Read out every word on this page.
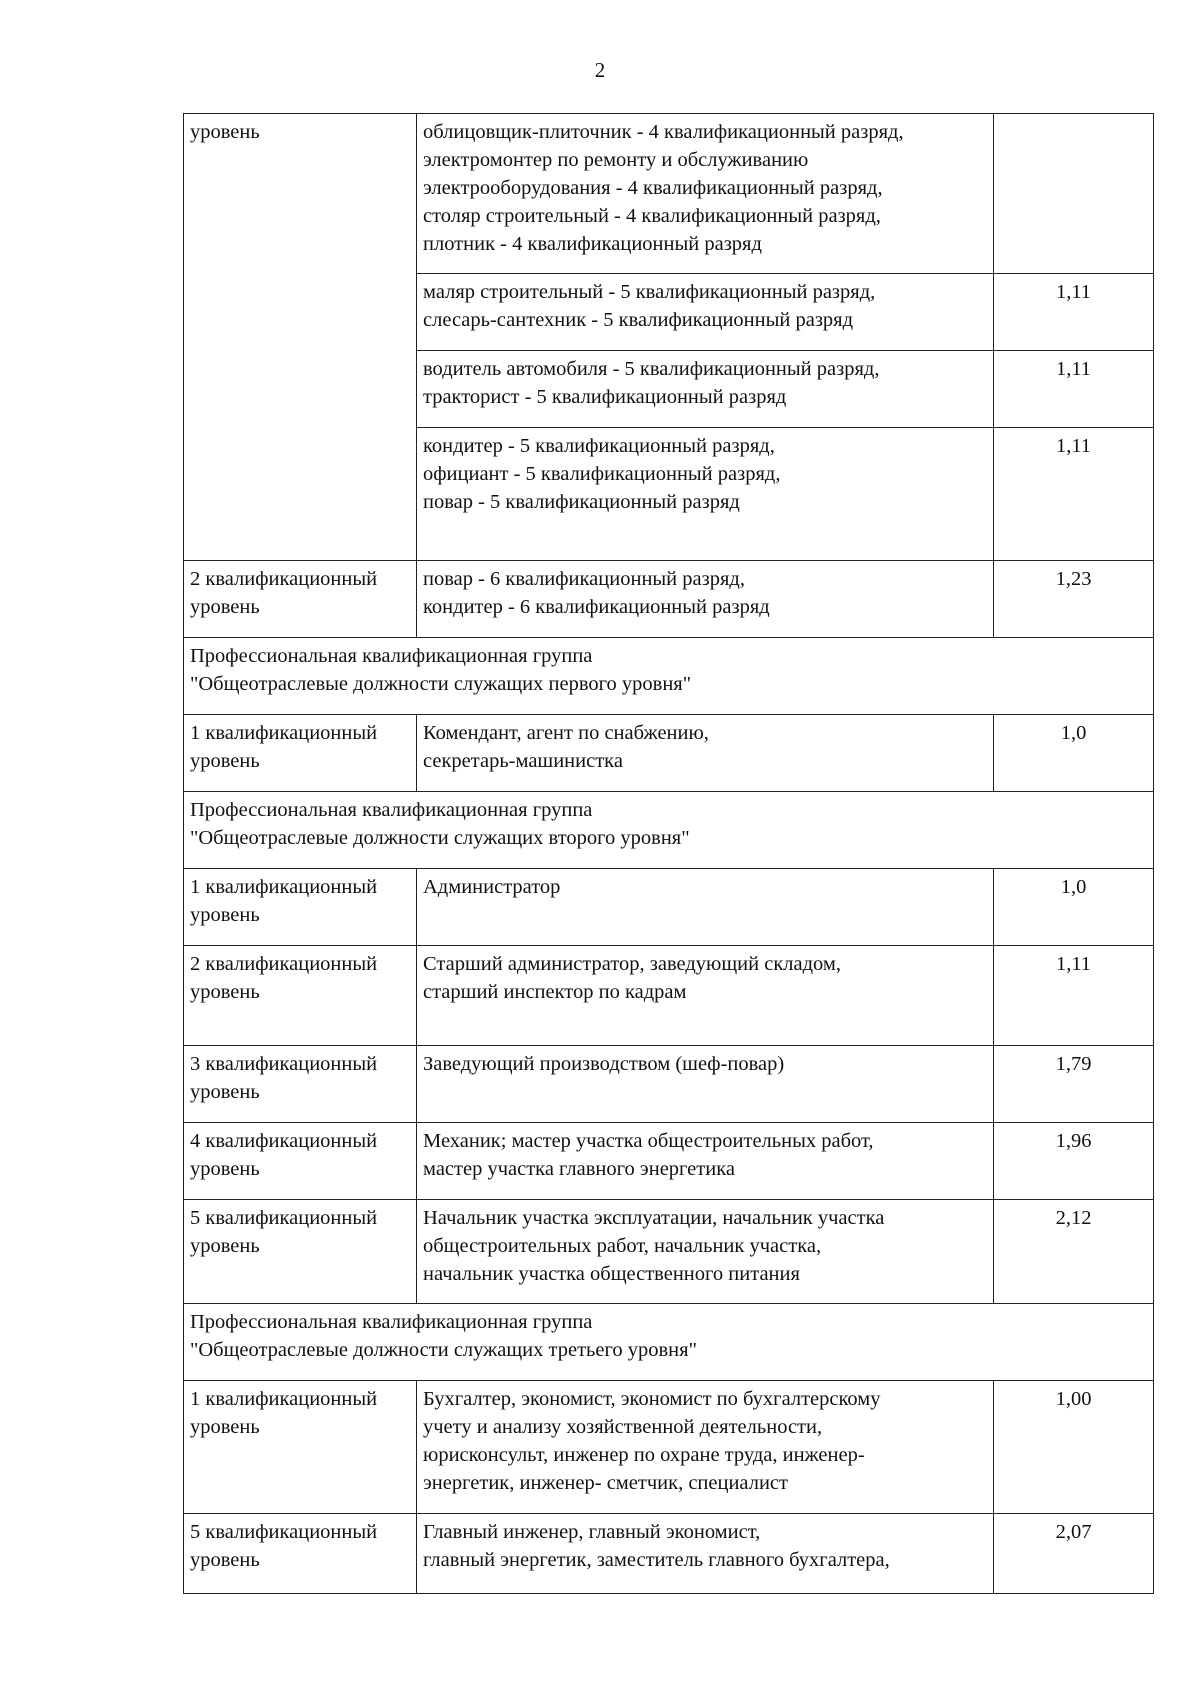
2
уровень	облицовщик-плиточник - 4 квалификационный разряд,
электромонтер по ремонту и обслуживанию
электрооборудования - 4 квалификационный разряд,
столяр строительный - 4 квалификационный разряд,
плотник - 4 квалификационный разряд	
	маляр строительный - 5 квалификационный разряд,
слесарь-сантехник - 5 квалификационный разряд	1,11
	водитель автомобиля - 5 квалификационный разряд,
тракторист - 5 квалификационный разряд	1,11
	кондитер - 5 квалификационный разряд,
официант - 5 квалификационный разряд,
повар - 5 квалификационный разряд	1,11
2 квалификационный
уровень	повар - 6 квалификационный разряд,
кондитер - 6 квалификационный разряд	1,23
Профессиональная квалификационная группа
"Общеотраслевые должности служащих первого уровня"		
1 квалификационный
уровень	Комендант, агент по снабжению,
секретарь-машинистка	1,0
Профессиональная квалификационная группа
"Общеотраслевые должности служащих второго уровня"		
1 квалификационный
уровень	Администратор	1,0
2 квалификационный
уровень	Старший администратор, заведующий складом,
старший инспектор по кадрам	1,11
3 квалификационный
уровень	Заведующий производством (шеф-повар)	1,79
4 квалификационный
уровень	Механик; мастер участка общестроительных работ,
мастер участка главного энергетика	1,96
5 квалификационный
уровень	Начальник участка эксплуатации, начальник участка
общестроительных работ, начальник участка,
начальник участка общественного питания	2,12
Профессиональная квалификационная группа
"Общеотраслевые должности служащих третьего уровня"		
1 квалификационный
уровень	Бухгалтер, экономист, экономист по бухгалтерскому
учету и анализу хозяйственной деятельности,
юрисконсульт, инженер по охране труда, инженер-
энергетик, инженер- сметчик, специалист	1,00
5 квалификационный
уровень	Главный инженер, главный экономист,
главный энергетик, заместитель главного бухгалтера,	2,07
